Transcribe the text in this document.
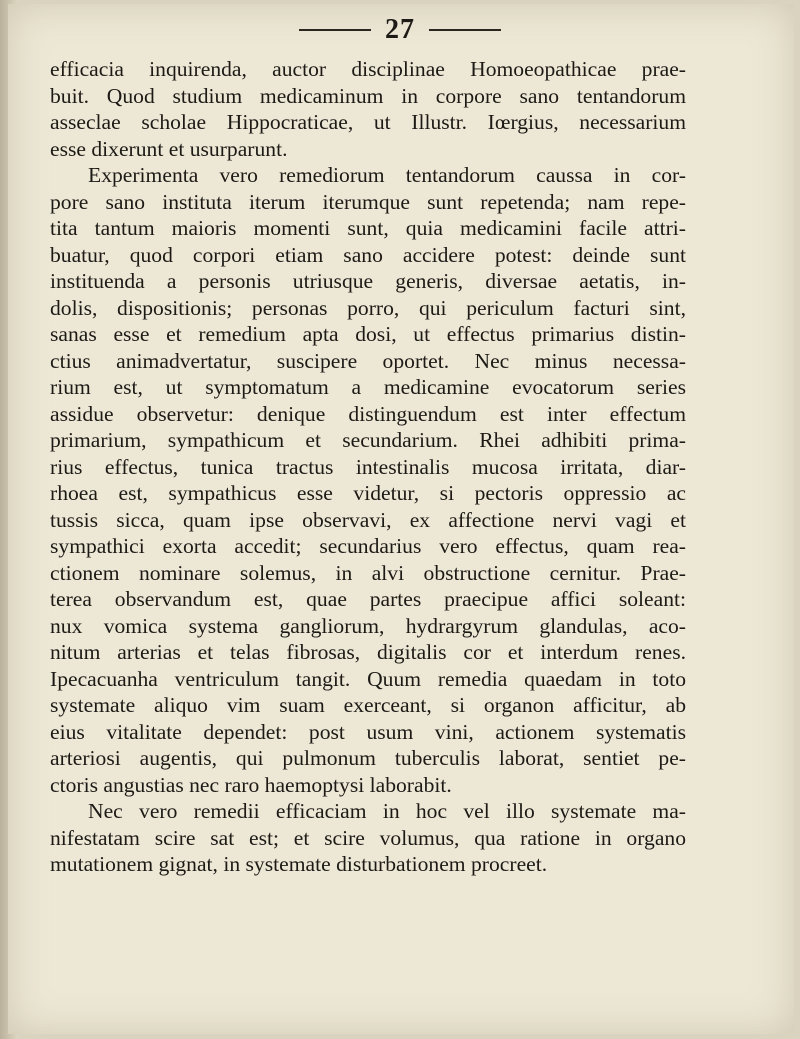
27
efficacia inquirenda, auctor disciplinae Homoeopathicae prae-
buit. Quod studium medicaminum in corpore sano tentandorum
asseclae scholae Hippocraticae, ut Illustr. Iœrgius, necessarium
esse dixerunt et usurparunt.
Experimenta vero remediorum tentandorum caussa in cor-
pore sano instituta iterum iterumque sunt repetenda; nam repe-
tita tantum maioris momenti sunt, quia medicamini facile attri-
buatur, quod corpori etiam sano accidere potest: deinde sunt
instituenda a personis utriusque generis, diversae aetatis, in-
dolis, dispositionis; personas porro, qui periculum facturi sint,
sanas esse et remedium apta dosi, ut effectus primarius distin-
ctius animadvertatur, suscipere oportet. Nec minus necessa-
rium est, ut symptomatum a medicamine evocatorum series
assidue observetur: denique distinguendum est inter effectum
primarium, sympathicum et secundarium. Rhei adhibiti prima-
rius effectus, tunica tractus intestinalis mucosa irritata, diar-
rhoea est, sympathicus esse videtur, si pectoris oppressio ac
tussis sicca, quam ipse observavi, ex affectione nervi vagi et
sympathici exorta accedit; secundarius vero effectus, quam rea-
ctionem nominare solemus, in alvi obstructione cernitur. Prae-
terea observandum est, quae partes praecipue affici soleant:
nux vomica systema gangliorum, hydrargyrum glandulas, aco-
nitum arterias et telas fibrosas, digitalis cor et interdum renes.
Ipecacuanha ventriculum tangit. Quum remedia quaedam in toto
systemate aliquo vim suam exerceant, si organon afficitur, ab
eius vitalitate dependet: post usum vini, actionem systematis
arteriosi augentis, qui pulmonum tuberculis laborat, sentiet pe-
ctoris angustias nec raro haemoptysi laborabit.
Nec vero remedii efficaciam in hoc vel illo systemate ma-
nifestatam scire sat est; et scire volumus, qua ratione in organo
mutationem gignat, in systemate disturbationem procreet.
